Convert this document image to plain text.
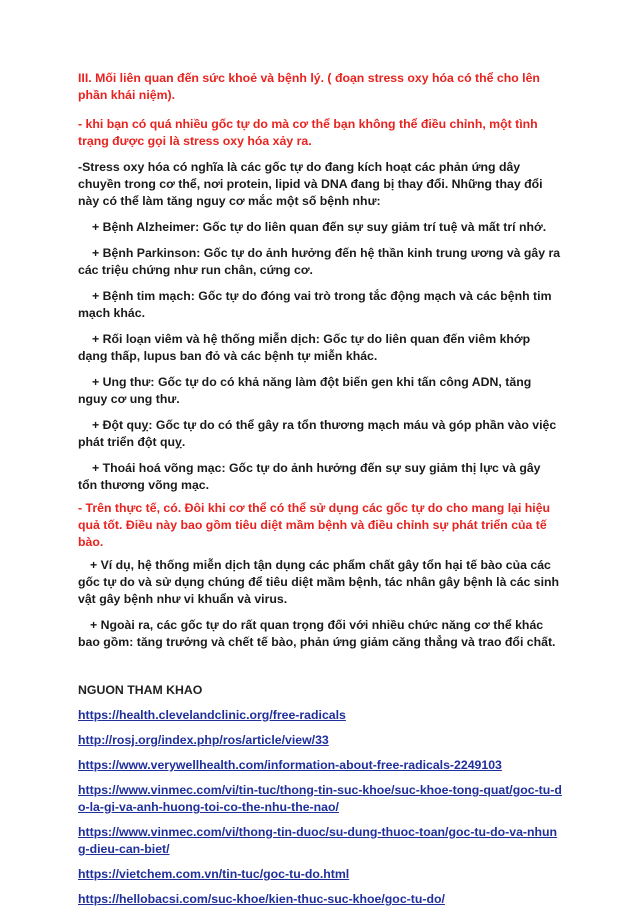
III. Mối liên quan đến sức khoẻ và bệnh lý. ( đoạn stress oxy hóa có thể cho lên phần khái niệm).

- khi bạn có quá nhiều gốc tự do mà cơ thể bạn không thể điều chỉnh, một tình trạng được gọi là stress oxy hóa xảy ra.

-Stress oxy hóa có nghĩa là các gốc tự do đang kích hoạt các phản ứng dây chuyền trong cơ thể, nơi protein, lipid và DNA đang bị thay đổi. Những thay đổi này có thể làm tăng nguy cơ mắc một số bệnh như:

+ Bệnh Alzheimer: Gốc tự do liên quan đến sự suy giảm trí tuệ và mất trí nhớ.

+ Bệnh Parkinson: Gốc tự do ảnh hưởng đến hệ thần kinh trung ương và gây ra các triệu chứng như run chân, cứng cơ.

+ Bệnh tim mạch: Gốc tự do đóng vai trò trong tắc động mạch và các bệnh tim mạch khác.

+ Rối loạn viêm và hệ thống miễn dịch: Gốc tự do liên quan đến viêm khớp dạng thấp, lupus ban đỏ và các bệnh tự miễn khác.

+ Ung thư: Gốc tự do có khả năng làm đột biến gen khi tấn công ADN, tăng nguy cơ ung thư.

+ Đột quỵ: Gốc tự do có thể gây ra tổn thương mạch máu và góp phần vào việc phát triển đột quỵ.

+ Thoái hoá võng mạc: Gốc tự do ảnh hưởng đến sự suy giảm thị lực và gây tổn thương võng mạc.

- Trên thực tế, có. Đôi khi cơ thể có thể sử dụng các gốc tự do cho mang lại hiệu quả tốt. Điều này bao gồm tiêu diệt mầm bệnh và điều chỉnh sự phát triển của tế bào.

+ Ví dụ, hệ thống miễn dịch tận dụng các phẩm chất gây tổn hại tế bào của các gốc tự do và sử dụng chúng để tiêu diệt mầm bệnh, tác nhân gây bệnh là các sinh vật gây bệnh như vi khuẩn và virus.

+ Ngoài ra, các gốc tự do rất quan trọng đối với nhiều chức năng cơ thể khác bao gồm: tăng trưởng và chết tế bào, phản ứng giảm căng thẳng và trao đổi chất.

NGUON THAM KHAO

https://health.clevelandclinic.org/free-radicals
http://rosj.org/index.php/ros/article/view/33
https://www.verywellhealth.com/information-about-free-radicals-2249103
https://www.vinmec.com/vi/tin-tuc/thong-tin-suc-khoe/suc-khoe-tong-quat/goc-tu-do-la-gi-va-anh-huong-toi-co-the-nhu-the-nao/
https://www.vinmec.com/vi/thong-tin-duoc/su-dung-thuoc-toan/goc-tu-do-va-nhung-dieu-can-biet/
https://vietchem.com.vn/tin-tuc/goc-tu-do.html
https://hellobacsi.com/suc-khoe/kien-thuc-suc-khoe/goc-tu-do/
